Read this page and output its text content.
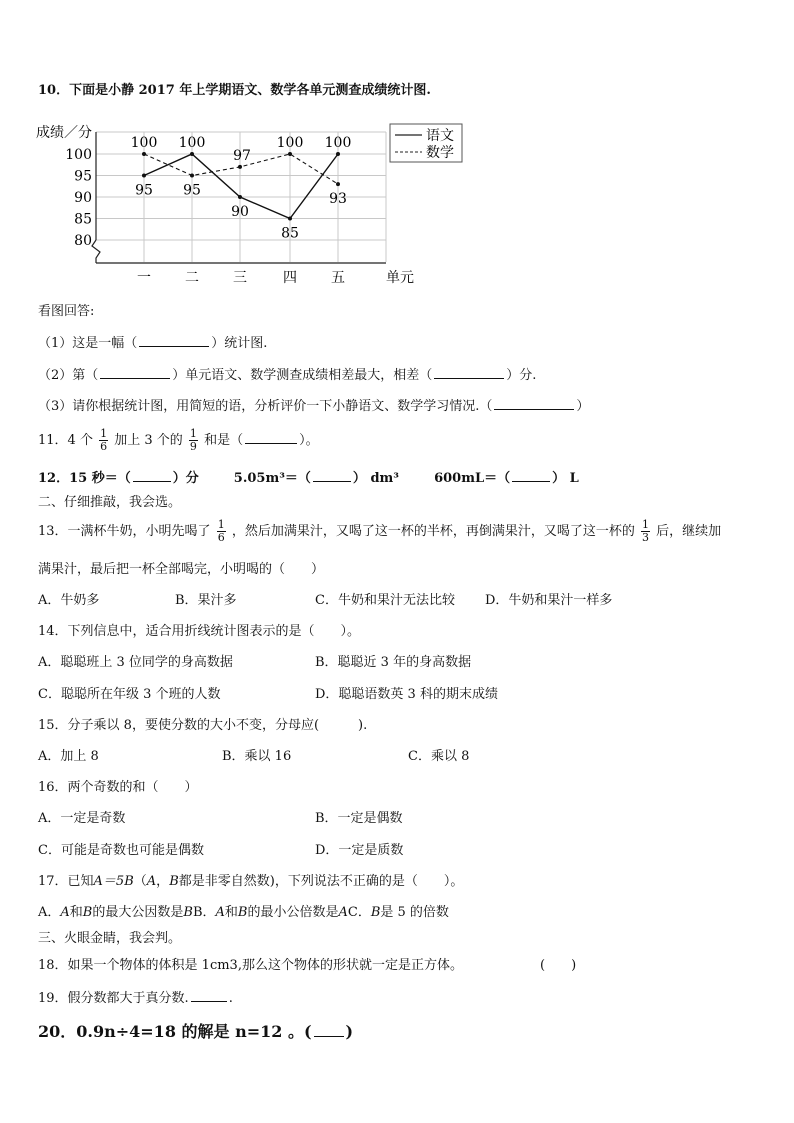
10．下面是小静 2017 年上学期语文、数学各单元测查成绩统计图.
成绩／分
单元
100
95
90
85
80
一 二 三	四 五
95
100
90
85
100
100
95
97
100
93
语文
数学
看图回答:
（1）这是一幅（	）统计图.
（2）第（	）单元语文、数学测查成绩相差最大，相差（	）分.
（3）请你根据统计图，用简短的语，分析评价一下小静语文、数学学习情况.（	）
11．4 个 $\frac{1}{6}$ 加上 3 个的 $\frac{1}{9}$ 和是（	）。
12．15 秒＝（	）分	5.05m³＝（	） dm³	600mL＝（	） L
二、仔细推敲，我会选。
13．一满杯牛奶，小明先喝了 $\frac{1}{6}$ ，然后加满果汁，又喝了这一杯的半杯，再倒满果汁，又喝了这一杯的 $\frac{1}{3}$ 后，继续加
满果汁，最后把一杯全部喝完，小明喝的（　　）
A．牛奶多	B．果汁多	C．牛奶和果汁无法比较 D．牛奶和果汁一样多
14．下列信息中，适合用折线统计图表示的是（　　）。
A．聪聪班上 3 位同学的身高数据	B．聪聪近 3 年的身高数据
C．聪聪所在年级 3 个班的人数	D．聪聪语数英 3 科的期末成绩
15．分子乘以 8，要使分数的大小不变，分母应(　　　).
A．加上 8	B．乘以 16	C．乘以 8
16．两个奇数的和（　　）
A．一定是奇数	B．一定是偶数
C．可能是奇数也可能是偶数	D．一定是质数
17．已知A＝5B（A，B都是非零自然数)，下列说法不正确的是（　　）。
A．A和B的最大公因数是BB．A和B的最小公倍数是AC．B是 5 的倍数
三、火眼金睛，我会判。
18．如果一个物体的体积是 1cm3,那么这个物体的形状就一定是正方体。	(　　)
19．假分数都大于真分数.	.
20．0.9n÷4=18 的解是 n=12 。( )
